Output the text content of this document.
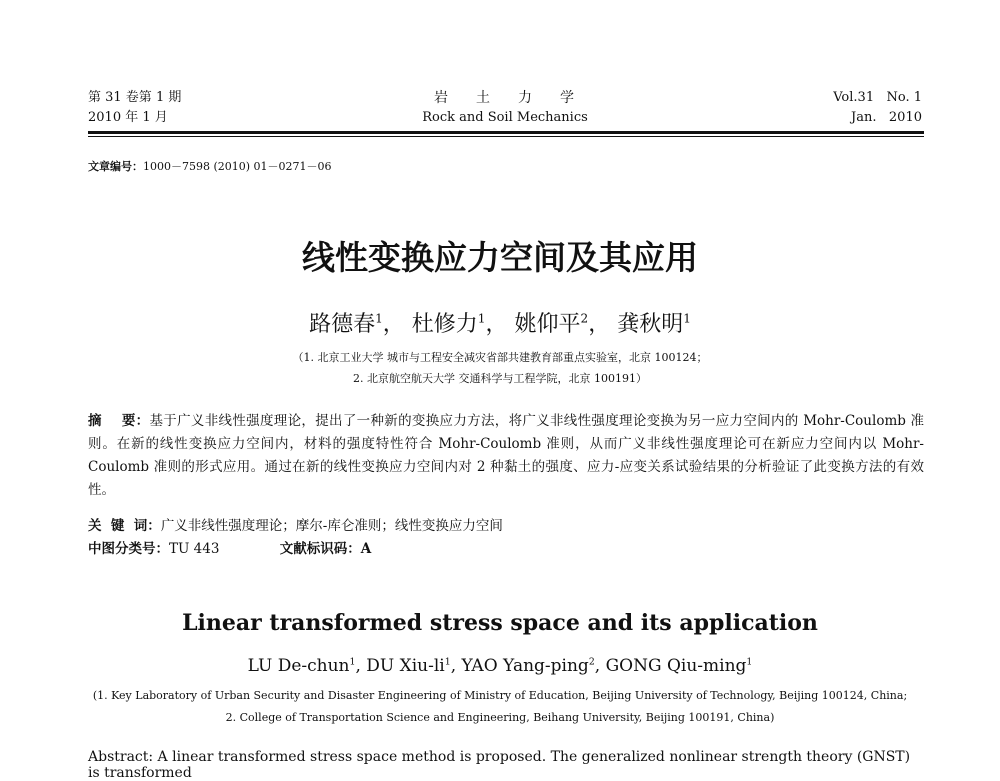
第 31 卷第 1 期
2010 年 1 月
岩土力学
Rock and Soil Mechanics
Vol.31   No. 1
Jan.   2010
文章编号：1000－7598 (2010) 01－0271－06
线性变换应力空间及其应用
路德春$^1$， 杜修力$^1$， 姚仰平$^2$， 龚秋明$^1$
（1. 北京工业大学 城市与工程安全减灾省部共建教育部重点实验室，北京 100124；
2. 北京航空航天大学 交通科学与工程学院，北京 100191）

摘    要：基于广义非线性强度理论，提出了一种新的变换应力方法，将广义非线性强度理论变换为另一应力空间内的 Mohr-Coulomb 准则。在新的线性变换应力空间内，材料的强度特性符合 Mohr-Coulomb 准则，从而广义非线性强度理论可在新应力空间内以 Mohr-Coulomb 准则的形式应用。通过在新的线性变换应力空间内对 2 种黏土的强度、应力-应变关系试验结果的分析验证了此变换方法的有效性。

关  键  词：广义非线性强度理论；摩尔-库仑准则；线性变换应力空间
中图分类号：TU 443	文献标识码：A
Linear transformed stress space and its application
LU De-chun$^1$, DU Xiu-$li^1$, YAO Yang-ping$^2$, GONG Qiu-ming$^1$
(1. Key Laboratory of Urban Security and Disaster Engineering of Ministry of Education, Beijing University of Technology, Beijing 100124, China;
2. College of Transportation Science and Engineering, Beihang University, Beijing 100191, China)
Abstract: A linear transformed stress space method is proposed. The generalized nonlinear strength theory (GNST) is transformed
